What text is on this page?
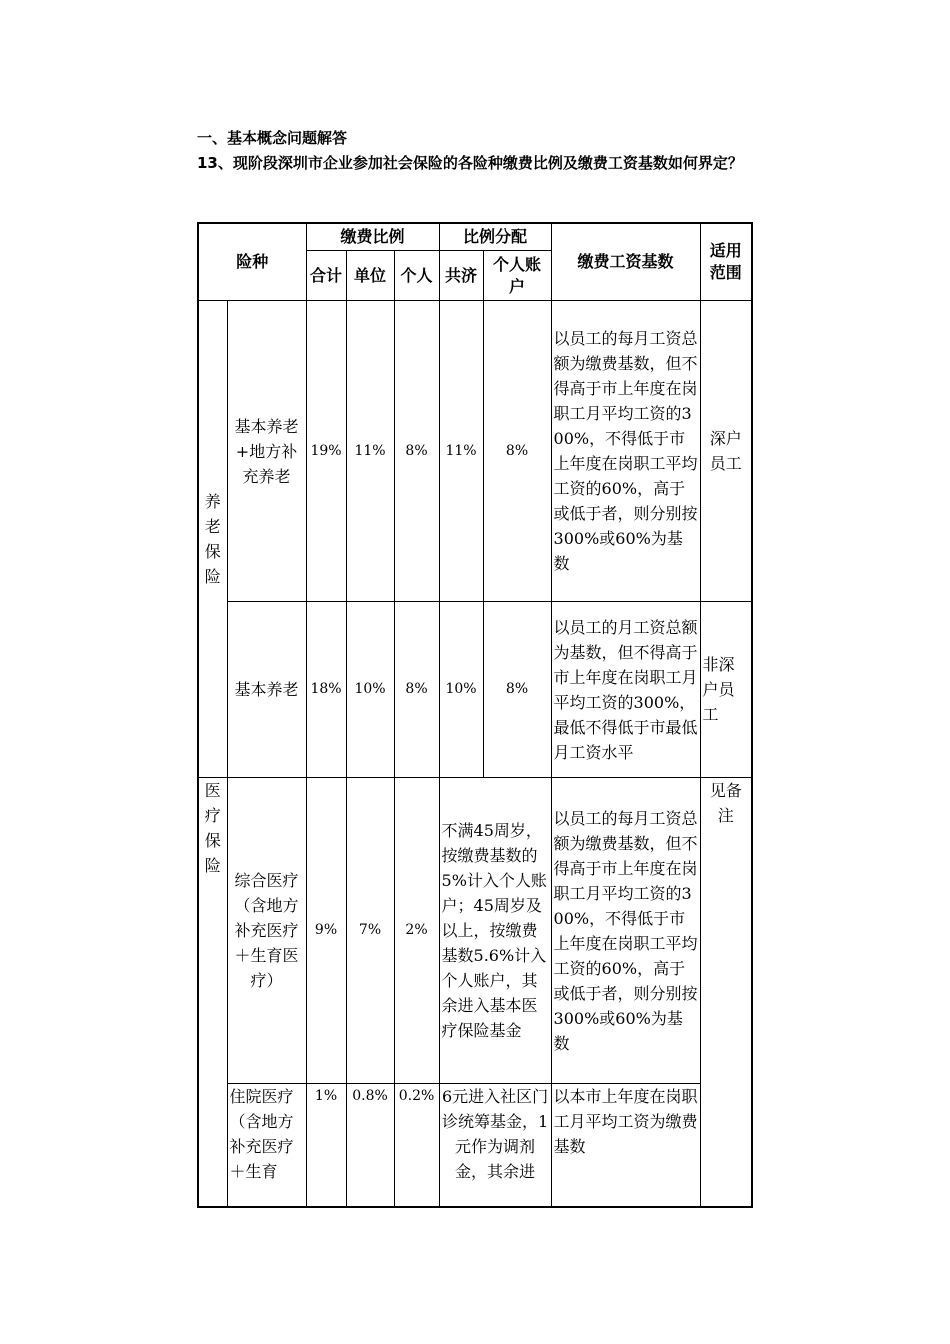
一、基本概念问题解答
13、现阶段深圳市企业参加社会保险的各险种缴费比例及缴费工资基数如何界定？
险种		缴费比例			比例分配		缴费工资基数	适用范围
		合计	单位	个人	共济	个人账户		
养老保险	基本养老+地方补充养老	19%	11%	8%	11%	8%	以员工的每月工资总额为缴费基数，但不得高于市上年度在岗职工月平均工资的300%，不得低于市上年度在岗职工平均工资的60%，高于或低于者，则分别按300%或60%为基数	深户员工
	基本养老	18%	10%	8%	10%	8%	以员工的月工资总额为基数，但不得高于市上年度在岗职工月平均工资的300%，最低不得低于市最低月工资水平	非深户员工
医疗保险	综合医疗（含地方补充医疗＋生育医疗）	9%	7%	2%	不满45周岁，按缴费基数的5%计入个人账户；45周岁及以上，按缴费基数5.6%计入个人账户，其余进入基本医疗保险基金		以员工的每月工资总额为缴费基数，但不得高于市上年度在岗职工月平均工资的300%，不得低于市上年度在岗职工平均工资的60%，高于或低于者，则分别按300%或60%为基数	见备注

	住院医疗（含地方补充医疗＋生育	1%	0.8%	0.2%	6元进入社区门诊统筹基金，1元作为调剂金，其余进		以本市上年度在岗职工月平均工资为缴费基数	
